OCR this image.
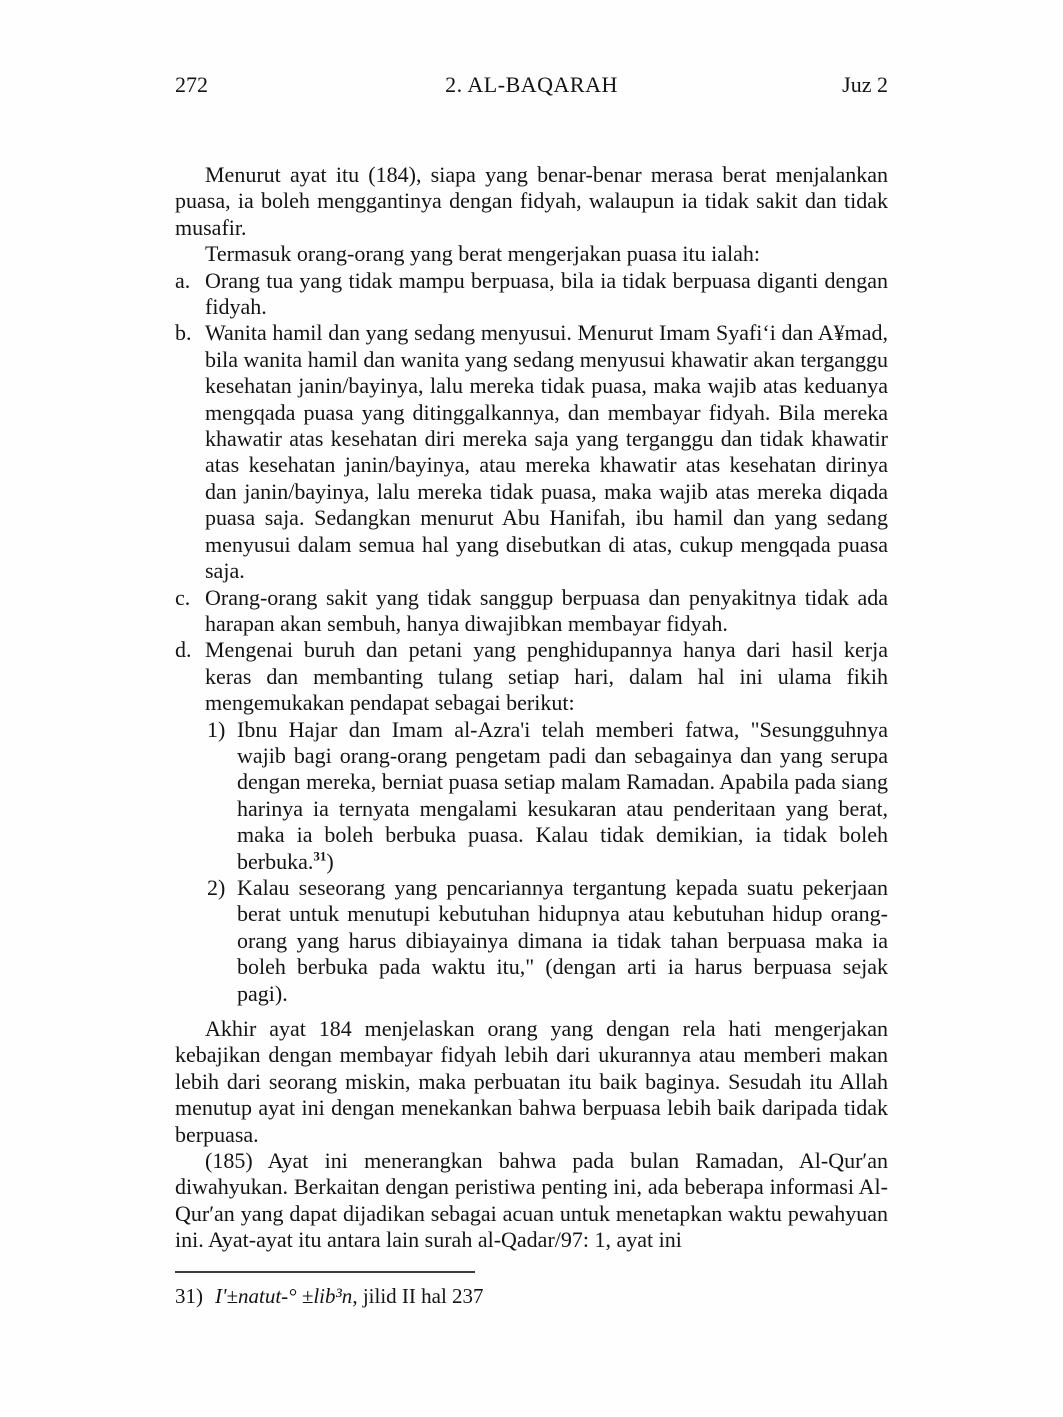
272	2. AL-BAQARAH	Juz 2

Menurut ayat itu (184), siapa yang benar-benar merasa berat menjalankan puasa, ia boleh menggantinya dengan fidyah, walaupun ia tidak sakit dan tidak musafir.

Termasuk orang-orang yang berat mengerjakan puasa itu ialah:

a. Orang tua yang tidak mampu berpuasa, bila ia tidak berpuasa diganti dengan fidyah.
b. Wanita hamil dan yang sedang menyusui. Menurut Imam Syafi‘i dan A¥mad, bila wanita hamil dan wanita yang sedang menyusui khawatir akan terganggu kesehatan janin/bayinya, lalu mereka tidak puasa, maka wajib atas keduanya mengqada puasa yang ditinggalkannya, dan membayar fidyah. Bila mereka khawatir atas kesehatan diri mereka saja yang terganggu dan tidak khawatir atas kesehatan janin/bayinya, atau mereka khawatir atas kesehatan dirinya dan janin/bayinya, lalu mereka tidak puasa, maka wajib atas mereka diqada puasa saja. Sedangkan menurut Abu Hanifah, ibu hamil dan yang sedang menyusui dalam semua hal yang disebutkan di atas, cukup mengqada puasa saja.
c. Orang-orang sakit yang tidak sanggup berpuasa dan penyakitnya tidak ada harapan akan sembuh, hanya diwajibkan membayar fidyah.
d. Mengenai buruh dan petani yang penghidupannya hanya dari hasil kerja keras dan membanting tulang setiap hari, dalam hal ini ulama fikih mengemukakan pendapat sebagai berikut:
1) Ibnu Hajar dan Imam al-Azra'i telah memberi fatwa, "Sesungguhnya wajib bagi orang-orang pengetam padi dan sebagainya dan yang serupa dengan mereka, berniat puasa setiap malam Ramadan. Apabila pada siang harinya ia ternyata mengalami kesukaran atau penderitaan yang berat, maka ia boleh berbuka puasa. Kalau tidak demikian, ia tidak boleh berbuka.$^{31}$)
2) Kalau seseorang yang pencariannya tergantung kepada suatu pekerjaan berat untuk menutupi kebutuhan hidupnya atau kebutuhan hidup orang-orang yang harus dibiayainya dimana ia tidak tahan berpuasa maka ia boleh berbuka pada waktu itu," (dengan arti ia harus berpuasa sejak pagi).

Akhir ayat 184 menjelaskan orang yang dengan rela hati mengerjakan kebajikan dengan membayar fidyah lebih dari ukurannya atau memberi makan lebih dari seorang miskin, maka perbuatan itu baik baginya. Sesudah itu Allah menutup ayat ini dengan menekankan bahwa berpuasa lebih baik daripada tidak berpuasa.

(185) Ayat ini menerangkan bahwa pada bulan Ramadan, Al-Qur′an diwahyukan. Berkaitan dengan peristiwa penting ini, ada beberapa informasi Al-Qur′an yang dapat dijadikan sebagai acuan untuk menetapkan waktu pewahyuan ini. Ayat-ayat itu antara lain surah al-Qadar/97: 1, ayat ini

31) I'±natut-° ±lib³n, jilid II hal 237
